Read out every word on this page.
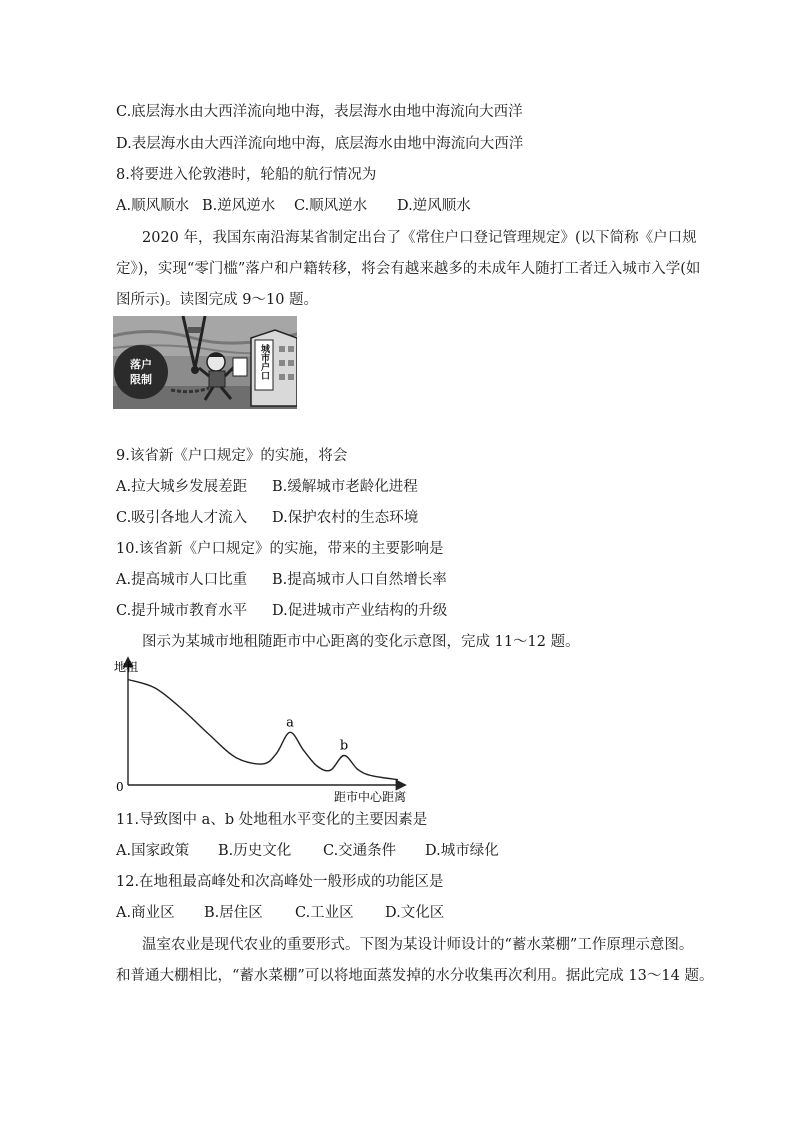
C.底层海水由大西洋流向地中海，表层海水由地中海流向大西洋
D.表层海水由大西洋流向地中海，底层海水由地中海流向大西洋
8.将要进入伦敦港时，轮船的航行情况为
A.顺风顺水 B.逆风逆水 C.顺风逆水 D.逆风顺水
2020 年，我国东南沿海某省制定出台了《常住户口登记管理规定》(以下简称《户口规
定》)，实现“零门槛”落户和户籍转移，将会有越来越多的未成年人随打工者迁入城市入学(如
图所示)。读图完成 9～10 题。
落户
限制	城市户口
9.该省新《户口规定》的实施，将会
A.拉大城乡发展差距 B.缓解城市老龄化进程
C.吸引各地人才流入 D.保护农村的生态环境
10.该省新《户口规定》的实施，带来的主要影响是
A.提高城市人口比重 B.提高城市人口自然增长率
C.提升城市教育水平 D.促进城市产业结构的升级
图示为某城市地租随距市中心距离的变化示意图，完成 11～12 题。
地租
0
距市中心距离
a
b
11.导致图中 a、b 处地租水平变化的主要因素是
A.国家政策 B.历史文化 C.交通条件 D.城市绿化
12.在地租最高峰处和次高峰处一般形成的功能区是
A.商业区 B.居住区 C.工业区 D.文化区
温室农业是现代农业的重要形式。下图为某设计师设计的“蓄水菜棚”工作原理示意图。
和普通大棚相比，“蓄水菜棚”可以将地面蒸发掉的水分收集再次利用。据此完成 13～14 题。
